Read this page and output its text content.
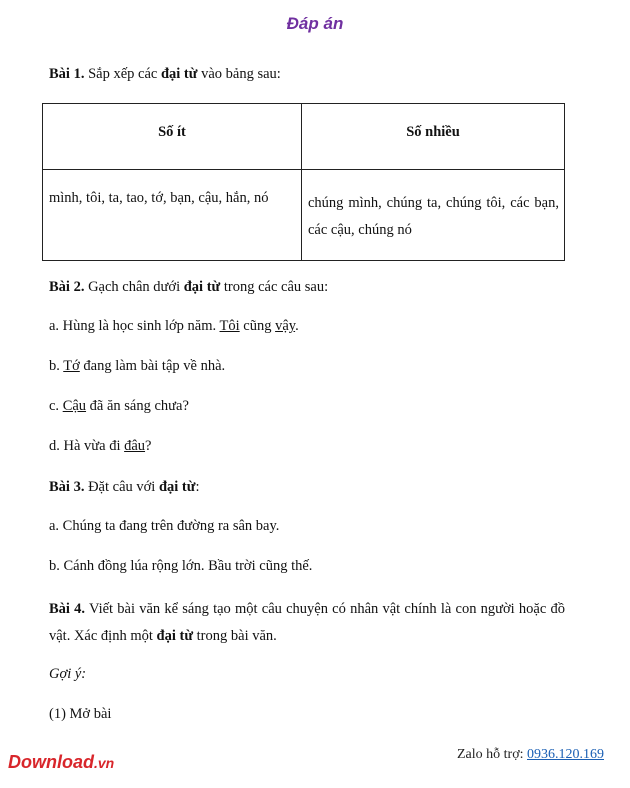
Đáp án
Bài 1. Sắp xếp các đại từ vào bảng sau:
Số ít	Số nhiều
mình, tôi, ta, tao, tớ, bạn, cậu, hắn, nó	chúng mình, chúng ta, chúng tôi, các bạn, các cậu, chúng nó
Bài 2. Gạch chân dưới đại từ trong các câu sau:
a. Hùng là học sinh lớp năm. Tôi cũng vậy.
b. Tớ đang làm bài tập về nhà.
c. Cậu đã ăn sáng chưa?
d. Hà vừa đi đâu?
Bài 3. Đặt câu với đại từ:
a. Chúng ta đang trên đường ra sân bay.
b. Cánh đồng lúa rộng lớn. Bầu trời cũng thế.
Bài 4. Viết bài văn kể sáng tạo một câu chuyện có nhân vật chính là con người hoặc đồ vật. Xác định một đại từ trong bài văn.
Gợi ý:
(1) Mở bài
Download.vn
Zalo hỗ trợ: 0936.120.169
